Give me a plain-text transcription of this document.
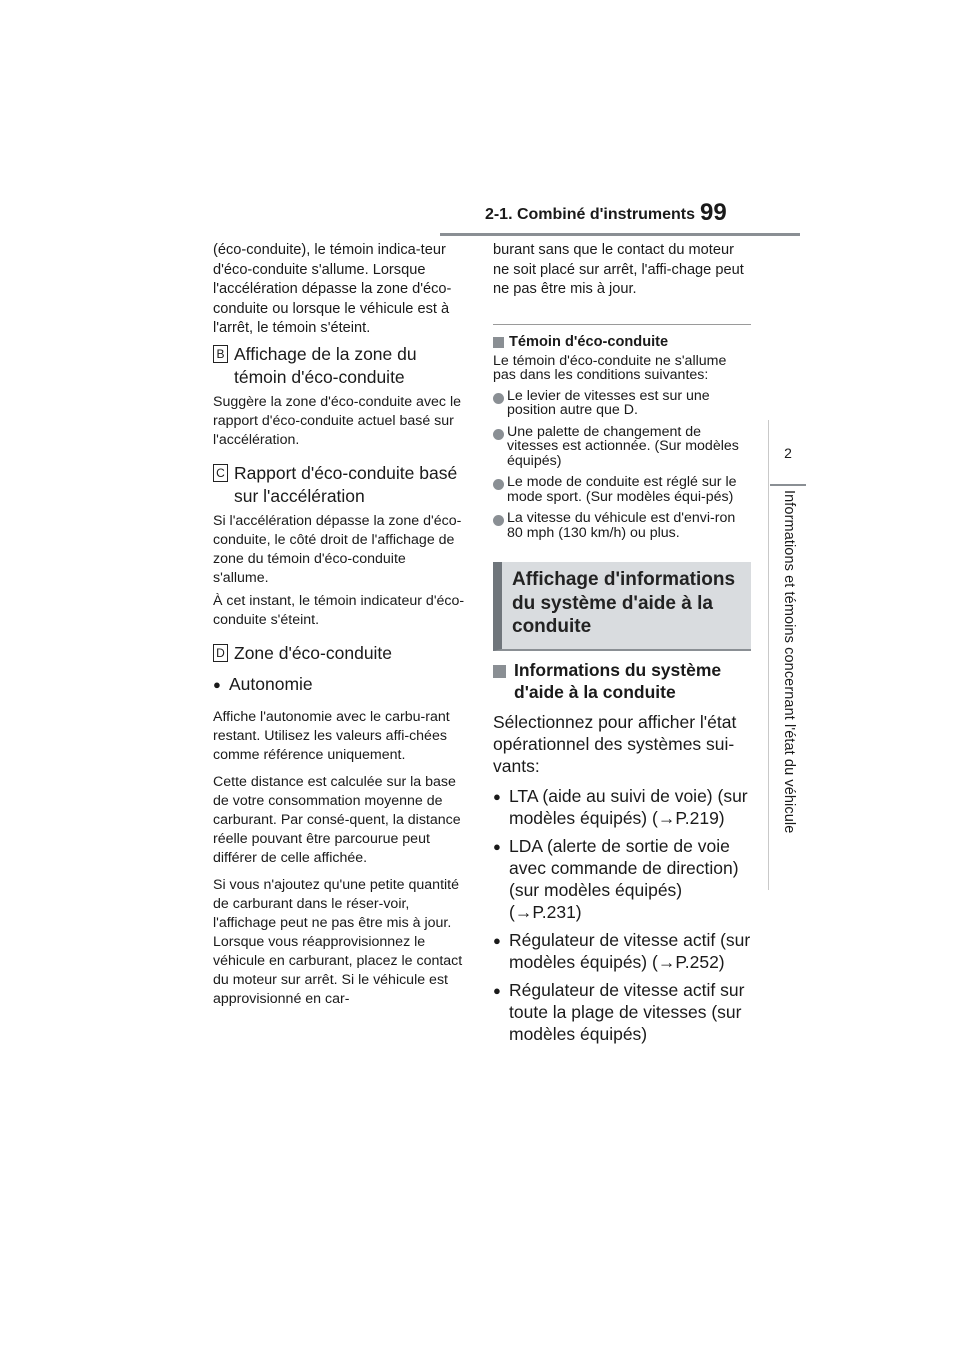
2-1. Combiné d'instruments 99
2
Informations et témoins concernant l'état du véhicule

(éco-conduite), le témoin indica-teur d'éco-conduite s'allume. Lorsque l'accélération dépasse la zone d'éco-conduite ou lorsque le véhicule est à l'arrêt, le témoin s'éteint.

B Affichage de la zone du témoin d'éco-conduite

Suggère la zone d'éco-conduite avec le rapport d'éco-conduite actuel basé sur l'accélération.

C Rapport d'éco-conduite basé sur l'accélération

Si l'accélération dépasse la zone d'éco-conduite, le côté droit de l'affichage de zone du témoin d'éco-conduite s'allume.

À cet instant, le témoin indicateur d'éco-conduite s'éteint.

D Zone d'éco-conduite
● Autonomie

Affiche l'autonomie avec le carbu-rant restant. Utilisez les valeurs affi-chées comme référence uniquement.

Cette distance est calculée sur la base de votre consommation moyenne de carburant. Par consé-quent, la distance réelle pouvant être parcourue peut différer de celle affichée.

Si vous n'ajoutez qu'une petite quantité de carburant dans le réser-voir, l'affichage peut ne pas être mis à jour. Lorsque vous réapprovisionnez le véhicule en carburant, placez le contact du moteur sur arrêt. Si le véhicule est approvisionné en car-

burant sans que le contact du moteur ne soit placé sur arrêt, l'affi-chage peut ne pas être mis à jour.

Témoin d'éco-conduite

Le témoin d'éco-conduite ne s'allume pas dans les conditions suivantes:

Le levier de vitesses est sur une position autre que D.
Une palette de changement de vitesses est actionnée. (Sur modèles équipés)
Le mode de conduite est réglé sur le mode sport. (Sur modèles équi-pés)
La vitesse du véhicule est d'envi-ron 80 mph (130 km/h) ou plus.
Affichage d'informations du système d'aide à la conduite
Informations du système d'aide à la conduite

Sélectionnez pour afficher l'état opérationnel des systèmes sui-vants:

● LTA (aide au suivi de voie) (sur modèles équipés) (→P.219)
● LDA (alerte de sortie de voie avec commande de direction) (sur modèles équipés) (→P.231)
● Régulateur de vitesse actif (sur modèles équipés) (→P.252)
● Régulateur de vitesse actif sur toute la plage de vitesses (sur modèles équipés)
